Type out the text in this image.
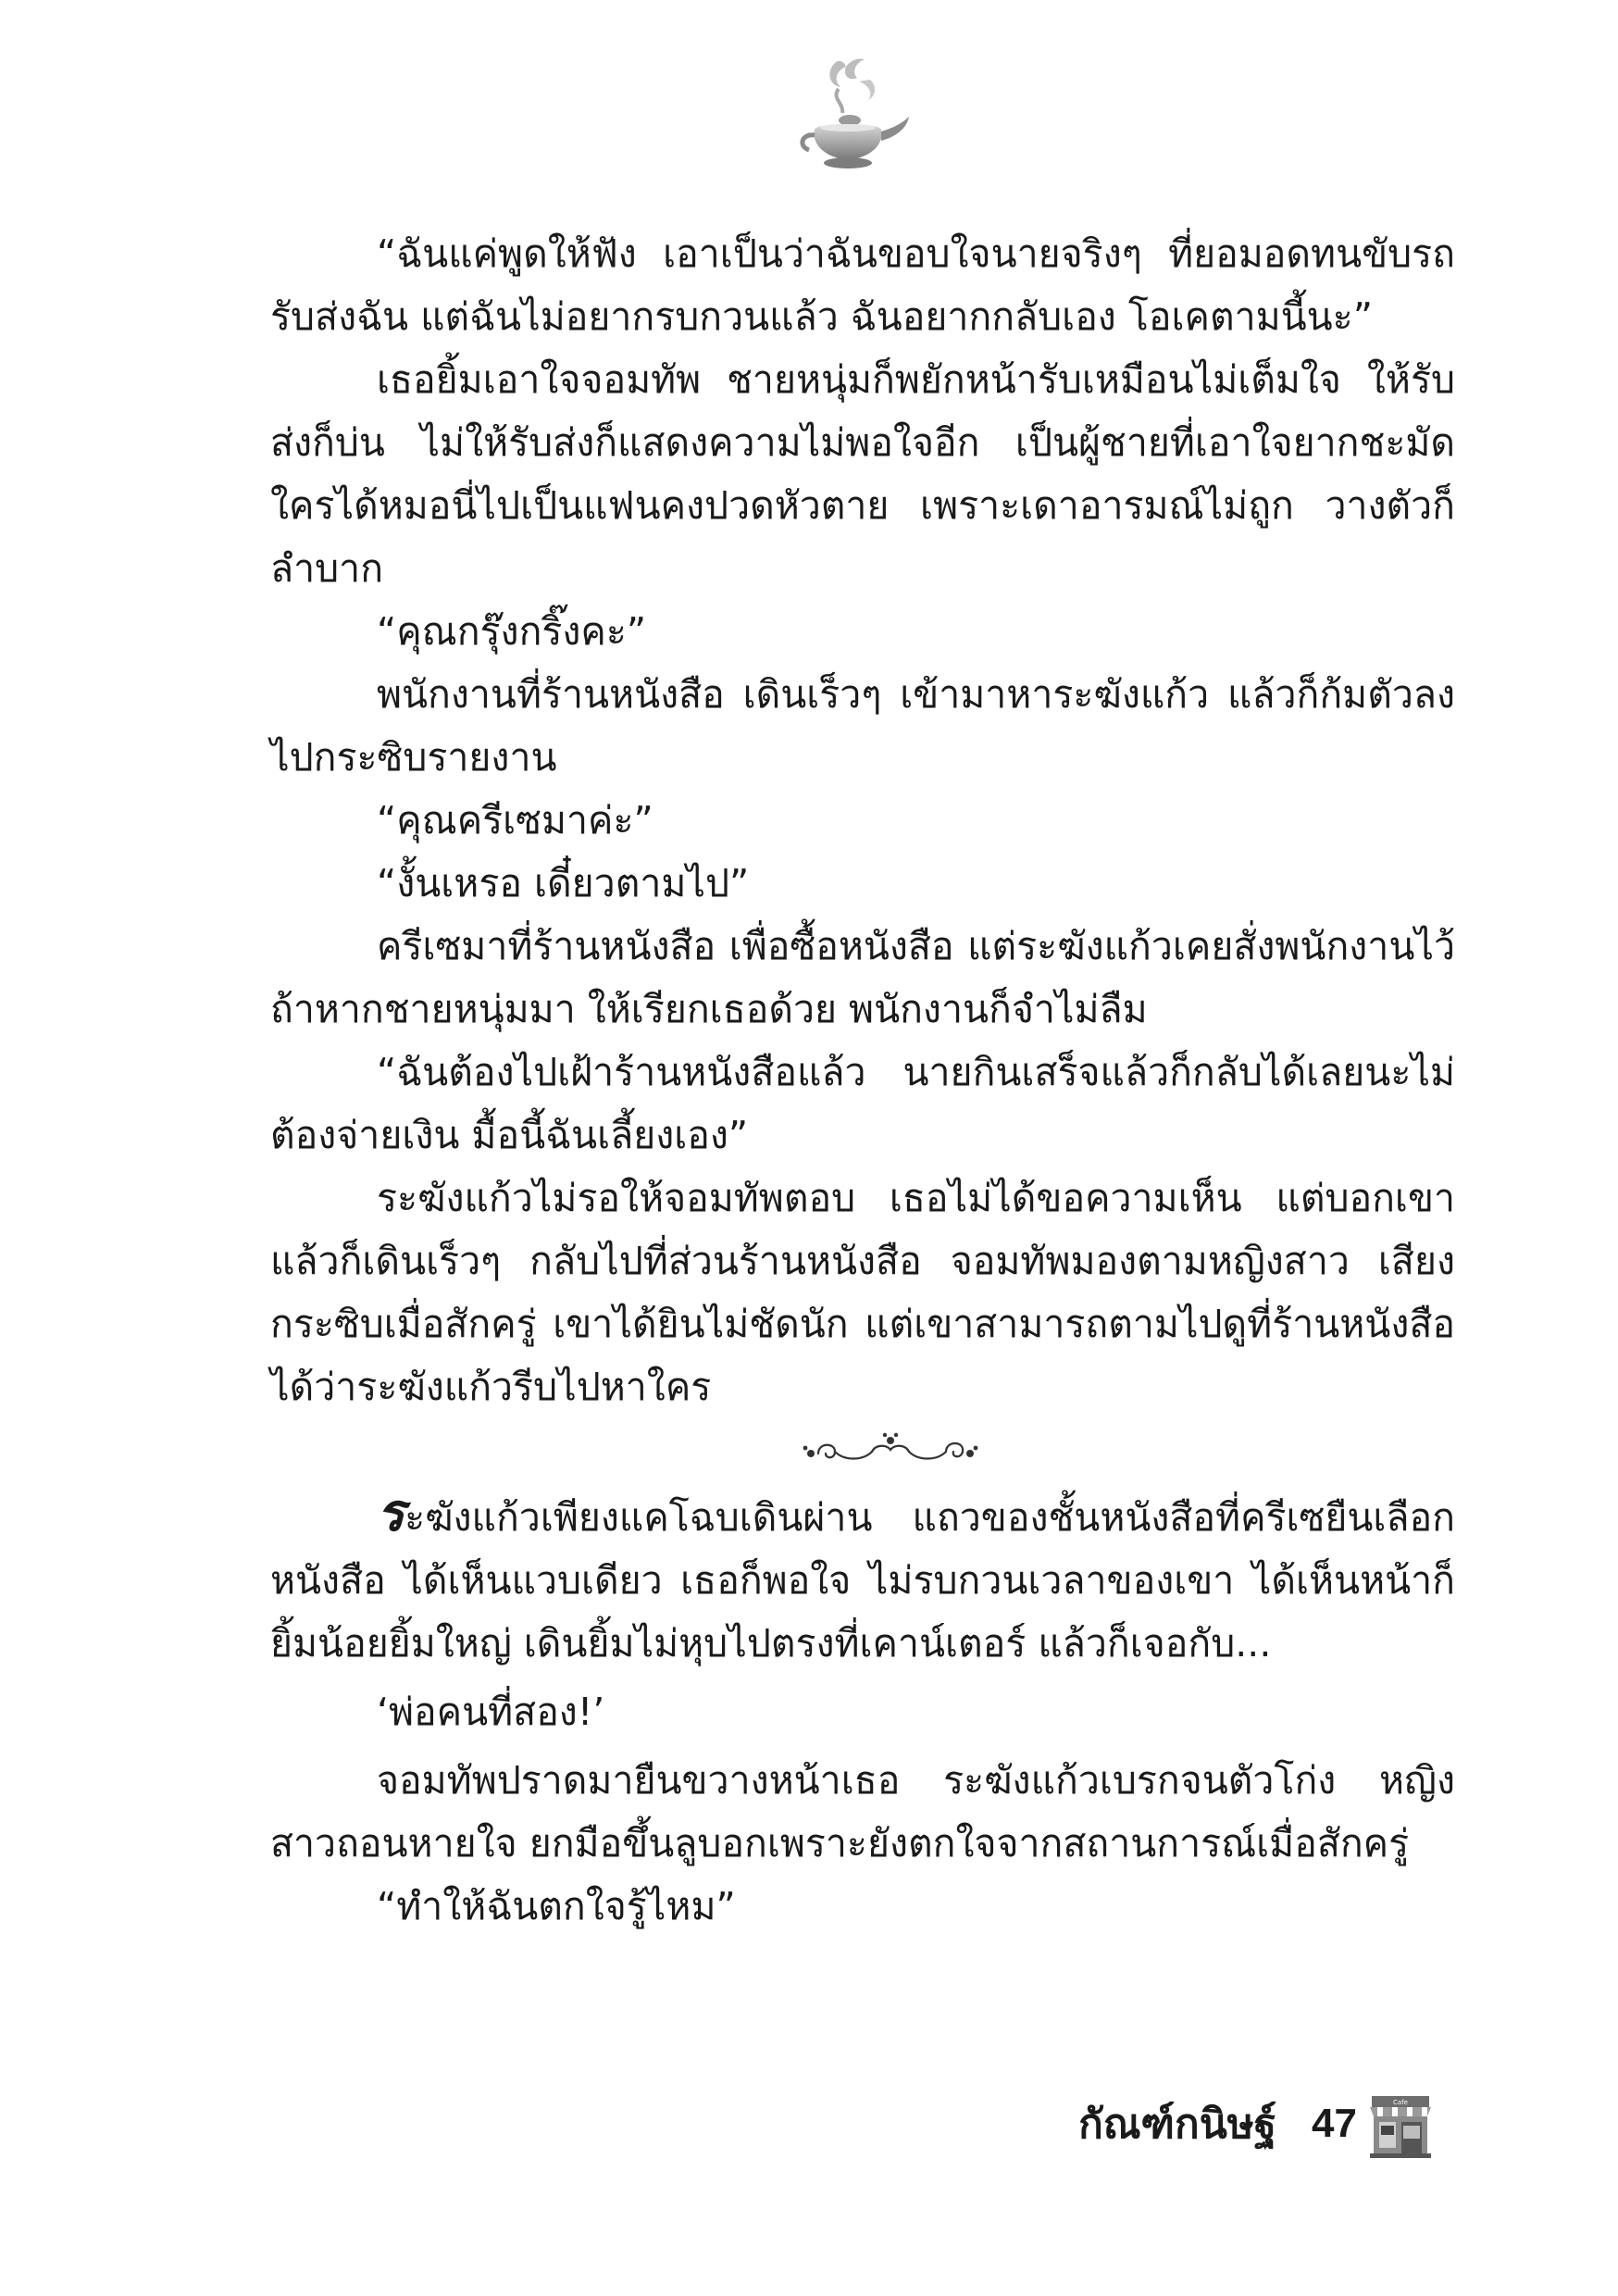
“ฉันแค่พูดให้ฟัง เอาเป็นว่าฉันขอบใจนายจริงๆ ที่ยอมอดทนขับรถรับส่งฉัน แต่ฉันไม่อยากรบกวนแล้ว ฉันอยากกลับเอง โอเคตามนี้นะ”

เธอยิ้มเอาใจจอมทัพ ชายหนุ่มก็พยักหน้ารับเหมือนไม่เต็มใจ ให้รับส่งก็บ่น ไม่ให้รับส่งก็แสดงความไม่พอใจอีก เป็นผู้ชายที่เอาใจยากชะมัด ใครได้หมอนี่ไปเป็นแฟนคงปวดหัวตาย เพราะเดาอารมณ์ไม่ถูก วางตัวก็ลำบาก

“คุณกรุ๊งกริ๊งคะ”

พนักงานที่ร้านหนังสือ เดินเร็วๆ เข้ามาหาระฆังแก้ว แล้วก็ก้มตัวลงไปกระซิบรายงาน

“คุณครีเซมาค่ะ”

“งั้นเหรอ เดี๋ยวตามไป”

ครีเซมาที่ร้านหนังสือ เพื่อซื้อหนังสือ แต่ระฆังแก้วเคยสั่งพนักงานไว้ถ้าหากชายหนุ่มมา ให้เรียกเธอด้วย พนักงานก็จำไม่ลืม

“ฉันต้องไปเฝ้าร้านหนังสือแล้ว นายกินเสร็จแล้วก็กลับได้เลยนะไม่ต้องจ่ายเงิน มื้อนี้ฉันเลี้ยงเอง”

ระฆังแก้วไม่รอให้จอมทัพตอบ เธอไม่ได้ขอความเห็น แต่บอกเขาแล้วก็เดินเร็วๆ กลับไปที่ส่วนร้านหนังสือ จอมทัพมองตามหญิงสาว เสียงกระซิบเมื่อสักครู่ เขาได้ยินไม่ชัดนัก แต่เขาสามารถตามไปดูที่ร้านหนังสือได้ว่าระฆังแก้วรีบไปหาใคร

ระฆังแก้วเพียงแคโฉบเดินผ่าน แถวของชั้นหนังสือที่ครีเซยืนเลือกหนังสือ ได้เห็นแวบเดียว เธอก็พอใจ ไม่รบกวนเวลาของเขา ได้เห็นหน้าก็ยิ้มน้อยยิ้มใหญ่ เดินยิ้มไม่หุบไปตรงที่เคาน์เตอร์ แล้วก็เจอกับ...

‘พ่อคนที่สอง!’

จอมทัพปราดมายืนขวางหน้าเธอ ระฆังแก้วเบรกจนตัวโก่ง หญิงสาวถอนหายใจ ยกมือขึ้นลูบอกเพราะยังตกใจจากสถานการณ์เมื่อสักครู่

“ทำให้ฉันตกใจรู้ไหม”

กัณฑ์กนิษฐ์ 47	Cafe
